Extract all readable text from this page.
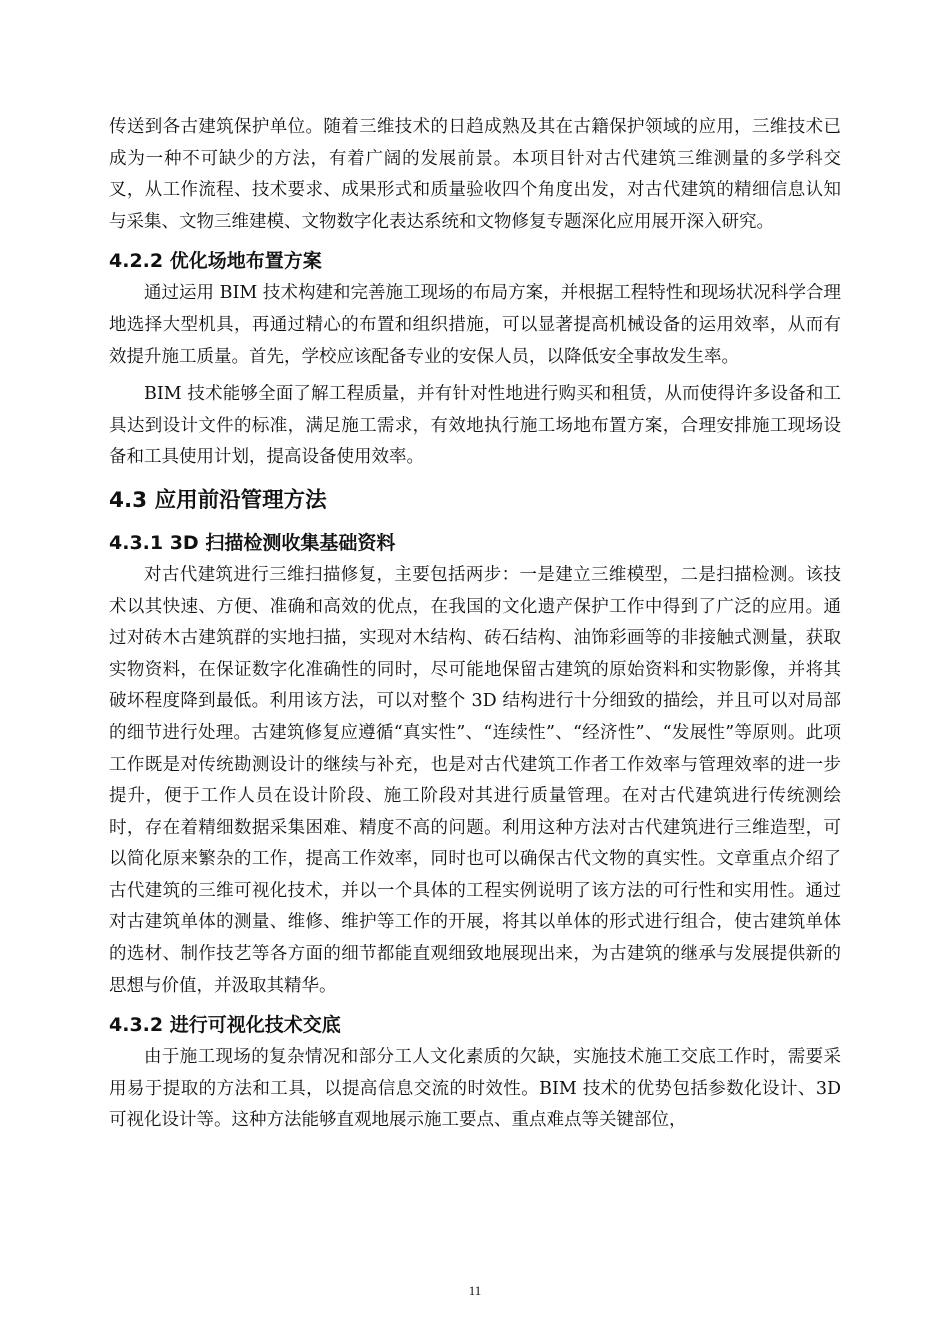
传送到各古建筑保护单位。随着三维技术的日趋成熟及其在古籍保护领域的应用，三维技术已成为一种不可缺少的方法，有着广阔的发展前景。本项目针对古代建筑三维测量的多学科交叉，从工作流程、技术要求、成果形式和质量验收四个角度出发，对古代建筑的精细信息认知与采集、文物三维建模、文物数字化表达系统和文物修复专题深化应用展开深入研究。

4.2.2 优化场地布置方案

通过运用 BIM 技术构建和完善施工现场的布局方案，并根据工程特性和现场状况科学合理地选择大型机具，再通过精心的布置和组织措施，可以显著提高机械设备的运用效率，从而有效提升施工质量。首先，学校应该配备专业的安保人员，以降低安全事故发生率。

BIM 技术能够全面了解工程质量，并有针对性地进行购买和租赁，从而使得许多设备和工具达到设计文件的标准，满足施工需求，有效地执行施工场地布置方案，合理安排施工现场设备和工具使用计划，提高设备使用效率。

4.3 应用前沿管理方法
4.3.1 3D 扫描检测收集基础资料

对古代建筑进行三维扫描修复，主要包括两步：一是建立三维模型，二是扫描检测。该技术以其快速、方便、准确和高效的优点，在我国的文化遗产保护工作中得到了广泛的应用。通过对砖木古建筑群的实地扫描，实现对木结构、砖石结构、油饰彩画等的非接触式测量，获取实物资料，在保证数字化准确性的同时，尽可能地保留古建筑的原始资料和实物影像，并将其破坏程度降到最低。利用该方法，可以对整个 3D 结构进行十分细致的描绘，并且可以对局部的细节进行处理。古建筑修复应遵循“真实性”、“连续性”、“经济性”、“发展性”等原则。此项工作既是对传统勘测设计的继续与补充，也是对古代建筑工作者工作效率与管理效率的进一步提升，便于工作人员在设计阶段、施工阶段对其进行质量管理。在对古代建筑进行传统测绘时，存在着精细数据采集困难、精度不高的问题。利用这种方法对古代建筑进行三维造型，可以简化原来繁杂的工作，提高工作效率，同时也可以确保古代文物的真实性。文章重点介绍了古代建筑的三维可视化技术，并以一个具体的工程实例说明了该方法的可行性和实用性。通过对古建筑单体的测量、维修、维护等工作的开展，将其以单体的形式进行组合，使古建筑单体的选材、制作技艺等各方面的细节都能直观细致地展现出来，为古建筑的继承与发展提供新的思想与价值，并汲取其精华。

4.3.2 进行可视化技术交底

由于施工现场的复杂情况和部分工人文化素质的欠缺，实施技术施工交底工作时，需要采用易于提取的方法和工具，以提高信息交流的时效性。BIM 技术的优势包括参数化设计、3D 可视化设计等。这种方法能够直观地展示施工要点、重点难点等关键部位，

11
